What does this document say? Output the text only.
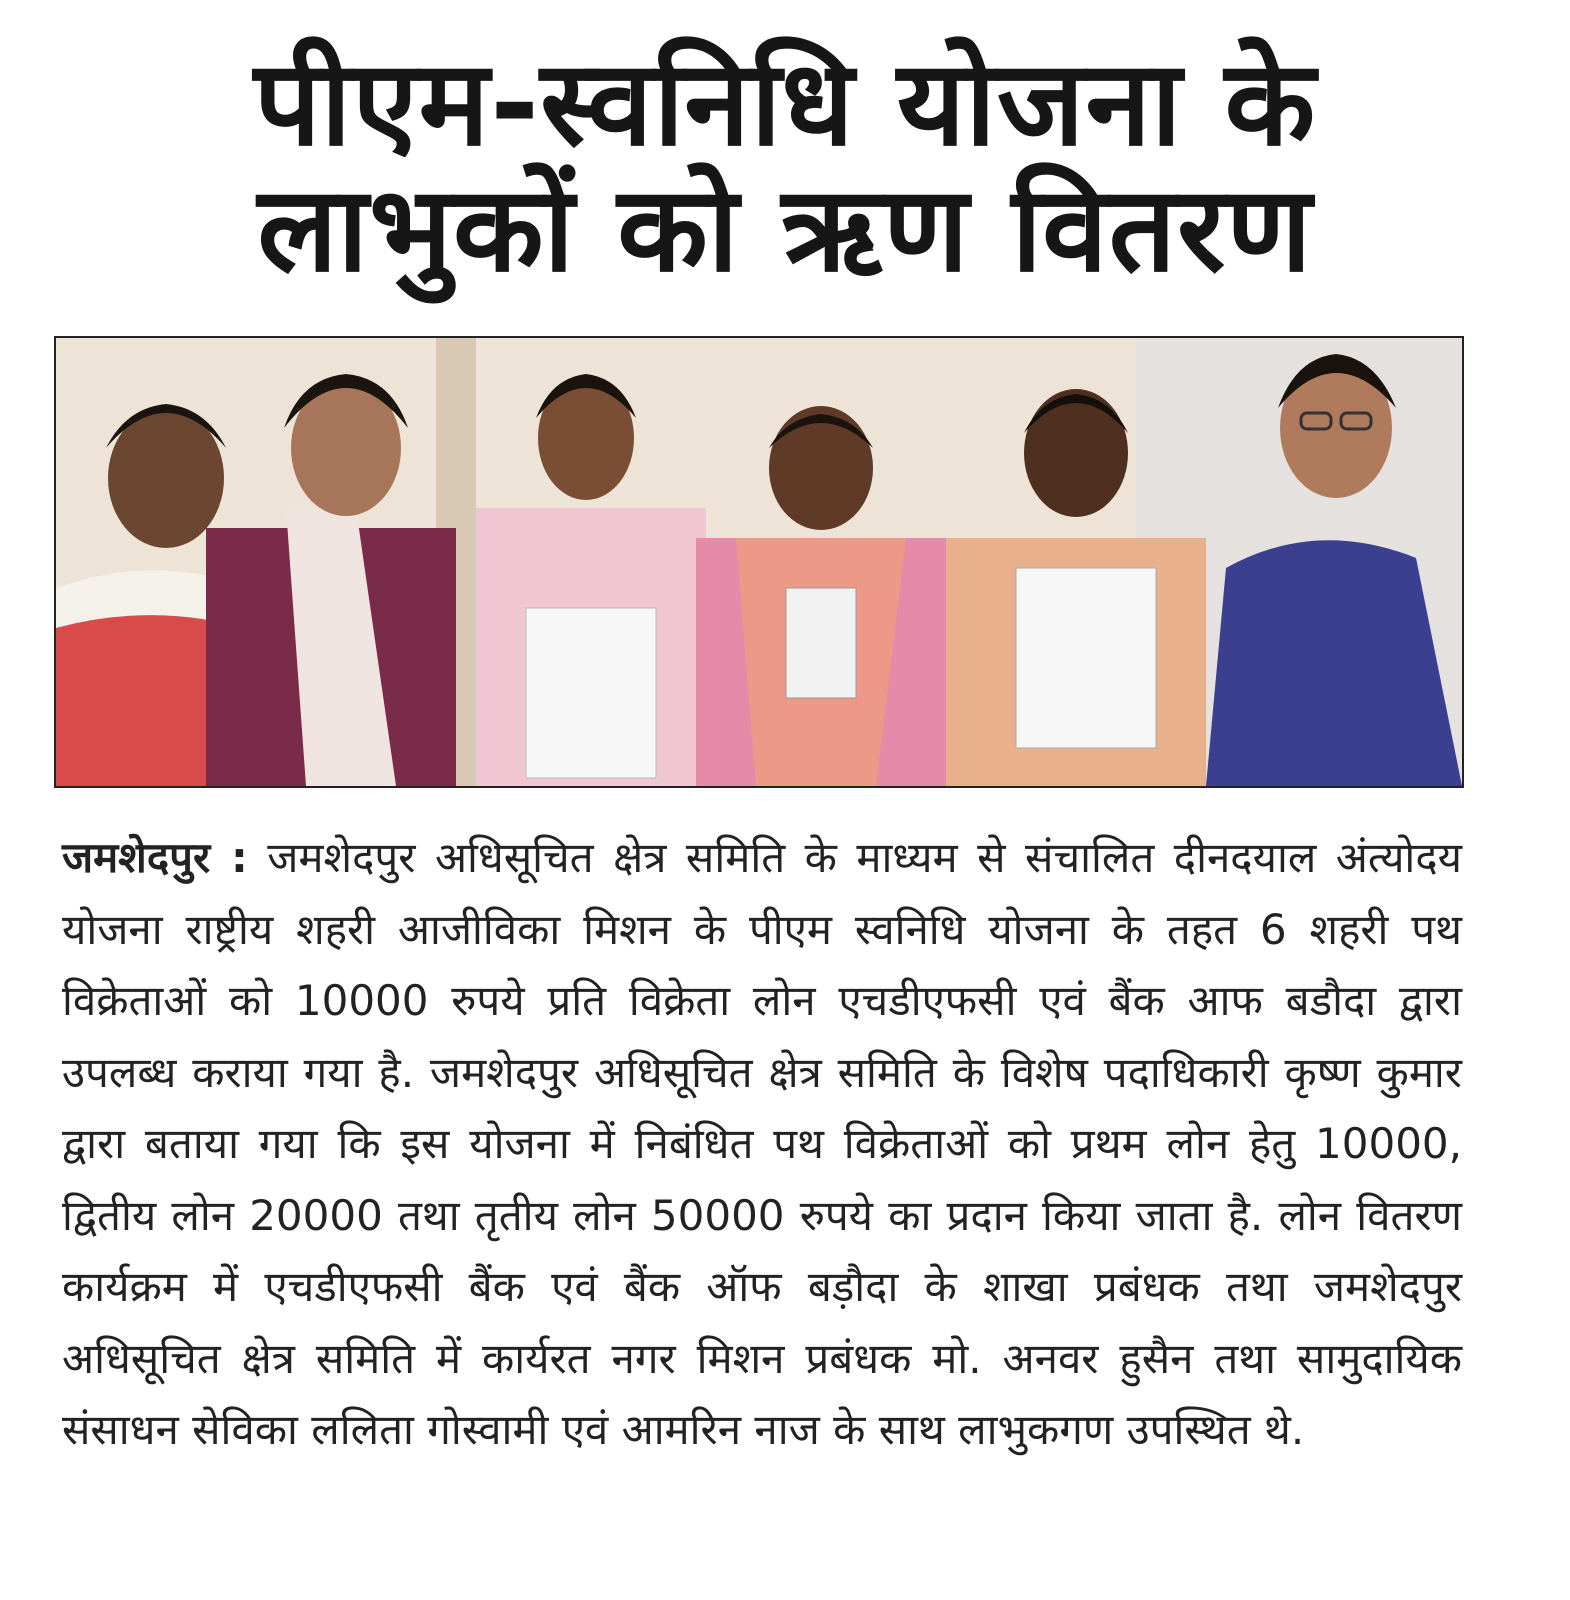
पीएम-स्वनिधि योजना के
लाभुकों को ऋण वितरण

जमशेदपुर : जमशेदपुर अधिसूचित क्षेत्र समिति के माध्यम से संचालित दीनदयाल अंत्योदय योजना राष्ट्रीय शहरी आजीविका मिशन के पीएम स्वनिधि योजना के तहत 6 शहरी पथ विक्रेताओं को 10000 रुपये प्रति विक्रेता लोन एचडीएफसी एवं बैंक आफ बडौदा द्वारा उपलब्ध कराया गया है. जमशेदपुर अधिसूचित क्षेत्र समिति के विशेष पदाधिकारी कृष्ण कुमार द्वारा बताया गया कि इस योजना में निबंधित पथ विक्रेताओं को प्रथम लोन हेतु 10000, द्वितीय लोन 20000 तथा तृतीय लोन 50000 रुपये का प्रदान किया जाता है. लोन वितरण कार्यक्रम में एचडीएफसी बैंक एवं बैंक ऑफ बड़ौदा के शाखा प्रबंधक तथा जमशेदपुर अधिसूचित क्षेत्र समिति में कार्यरत नगर मिशन प्रबंधक मो. अनवर हुसैन तथा सामुदायिक संसाधन सेविका ललिता गोस्वामी एवं आमरिन नाज के साथ लाभुकगण उपस्थित थे.
